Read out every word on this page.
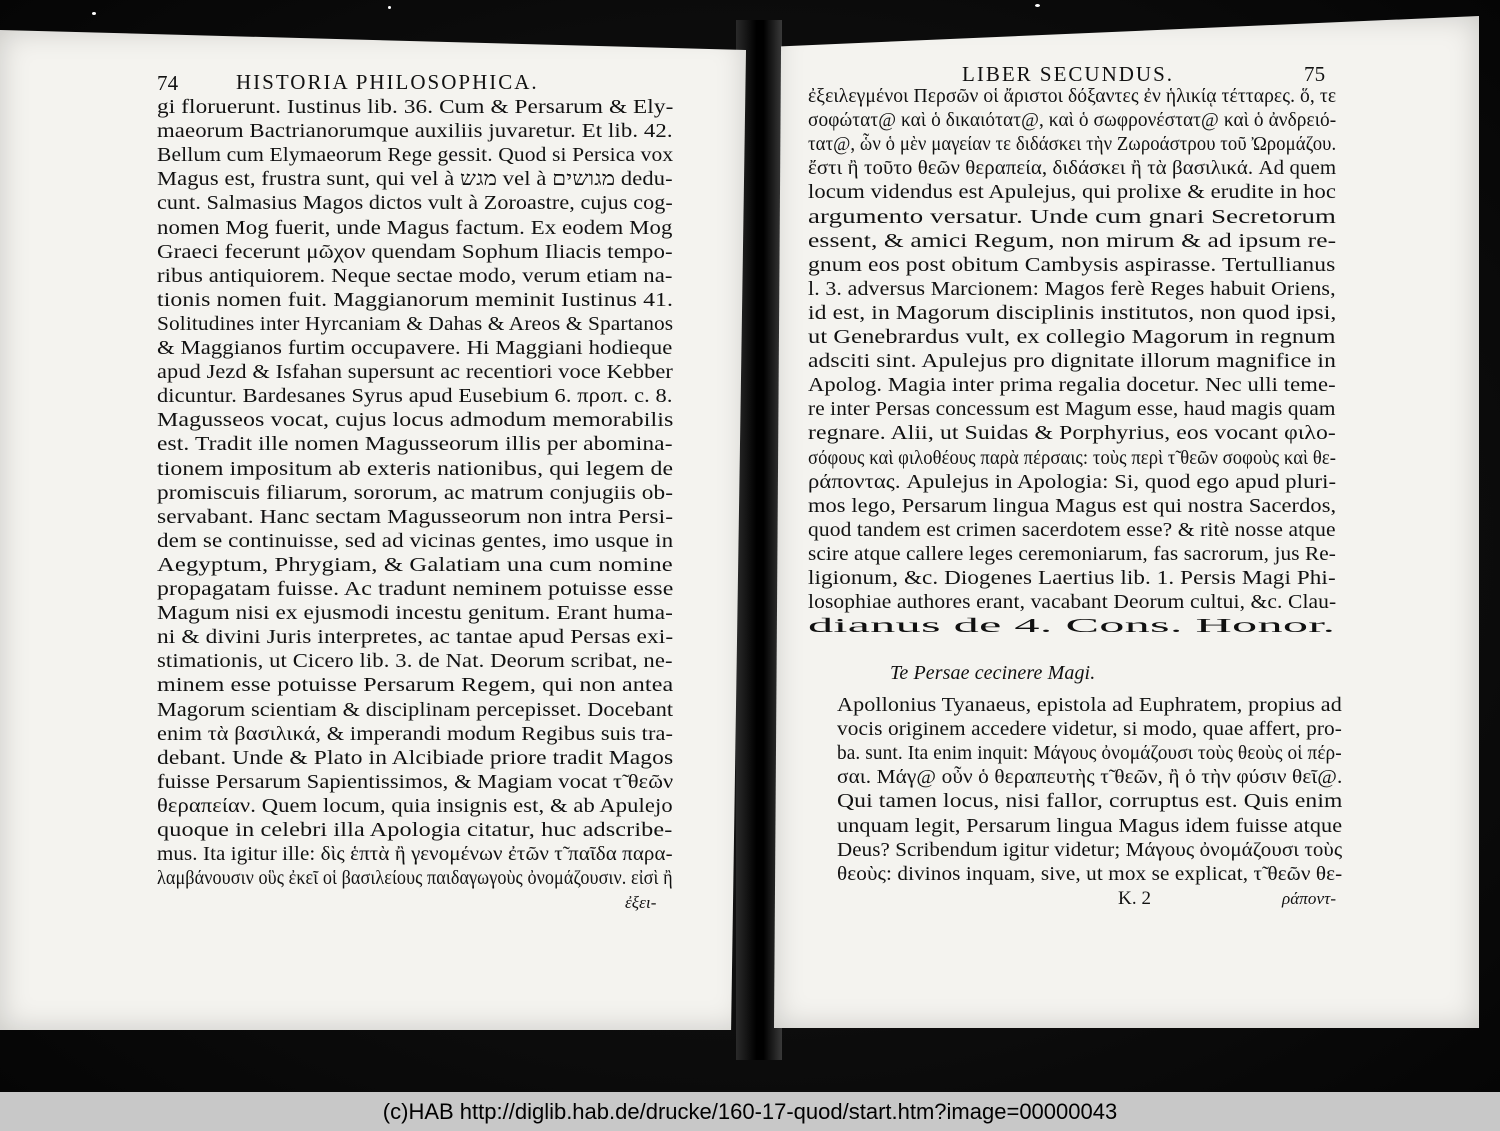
74	HISTORIA PHILOSOPHICA.
gi floruerunt. Iustinus lib. 36. Cum & Persarum & Ely-
maeorum Bactrianorumque auxiliis juvaretur. Et lib. 42.
Bellum cum Elymaeorum Rege gessit. Quod si Persica vox
Magus est, frustra sunt, qui vel à מגש vel à מגושים dedu-
cunt. Salmasius Magos dictos vult à Zoroastre, cujus cog-
nomen Mog fuerit, unde Magus factum. Ex eodem Mog
Graeci fecerunt μῶχον quendam Sophum Iliacis tempo-
ribus antiquiorem. Neque sectae modo, verum etiam na-
tionis nomen fuit. Maggianorum meminit Iustinus 41.
Solitudines inter Hyrcaniam & Dahas & Areos & Spartanos
& Maggianos furtim occupavere. Hi Maggiani hodieque
apud Jezd & Isfahan supersunt ac recentiori voce Kebber
dicuntur. Bardesanes Syrus apud Eusebium 6. προπ. c. 8.
Magusseos vocat, cujus locus admodum memorabilis
est. Tradit ille nomen Magusseorum illis per abomina-
tionem impositum ab exteris nationibus, qui legem de
promiscuis filiarum, sororum, ac matrum conjugiis ob-
servabant. Hanc sectam Magusseorum non intra Persi-
dem se continuisse, sed ad vicinas gentes, imo usque in
Aegyptum, Phrygiam, & Galatiam una cum nomine
propagatam fuisse. Ac tradunt neminem potuisse esse
Magum nisi ex ejusmodi incestu genitum. Erant huma-
ni & divini Juris interpretes, ac tantae apud Persas exi-
stimationis, ut Cicero lib. 3. de Nat. Deorum scribat, ne-
minem esse potuisse Persarum Regem, qui non antea
Magorum scientiam & disciplinam percepisset. Docebant
enim τὰ βασιλικά, & imperandi modum Regibus suis tra-
debant. Unde & Plato in Alcibiade priore tradit Magos
fuisse Persarum Sapientissimos, & Magiam vocat τ̃ θεῶν
θεραπείαν. Quem locum, quia insignis est, & ab Apulejo
quoque in celebri illa Apologia citatur, huc adscribe-
mus. Ita igitur ille: δὶς ἑπτὰ ἢ γενομένων ἐτῶν τ̃ παῖδα παρα-
λαμβάνουσιν οὓς ἐκεῖ οἱ βασιλείους παιδαγωγοὺς ὀνομάζουσιν. εἰσὶ ἢ
ἐξει-
LIBER SECUNDUS.	75
ἐξειλεγμένοι Περσῶν οἱ ἄριστοι δόξαντες ἐν ἡλικίᾳ τέτταρες. ὅ, τε
σοφώτατ@ καὶ ὁ δικαιότατ@, καὶ ὁ σωφρονέστατ@ καὶ ὁ ἀνδρειό-
τατ@, ὧν ὁ μὲν μαγείαν τε διδάσκει τὴν Ζωροάστρου τοῦ Ὠρομάζου.
ἔστι ἢ τοῦτο θεῶν θεραπεία, διδάσκει ἢ τὰ βασιλικά. Ad quem
locum videndus est Apulejus, qui prolixe & erudite in hoc
argumento versatur. Unde cum gnari Secretorum
essent, & amici Regum, non mirum & ad ipsum re-
gnum eos post obitum Cambysis aspirasse. Tertullianus
l. 3. adversus Marcionem: Magos ferè Reges habuit Oriens,
id est, in Magorum disciplinis institutos, non quod ipsi,
ut Genebrardus vult, ex collegio Magorum in regnum
adsciti sint. Apulejus pro dignitate illorum magnifice in
Apolog. Magia inter prima regalia docetur. Nec ulli teme-
re inter Persas concessum est Magum esse, haud magis quam
regnare. Alii, ut Suidas & Porphyrius, eos vocant φιλο-
σόφους καὶ φιλοθέους παρὰ πέρσαις: τοὺς περὶ τ̃ θεῶν σοφοὺς καὶ θε-
ράποντας. Apulejus in Apologia: Si, quod ego apud pluri-
mos lego, Persarum lingua Magus est qui nostra Sacerdos,
quod tandem est crimen sacerdotem esse? & ritè nosse atque
scire atque callere leges ceremoniarum, fas sacrorum, jus Re-
ligionum, &c. Diogenes Laertius lib. 1. Persis Magi Phi-
losophiae authores erant, vacabant Deorum cultui, &c. Clau-
dianus de 4. Cons. Honor.
Te Persae cecinere Magi.
Apollonius Tyanaeus, epistola ad Euphratem, propius ad
vocis originem accedere videtur, si modo, quae affert, pro-
ba. sunt. Ita enim inquit: Μάγους ὀνομάζουσι τοὺς θεοὺς οἱ πέρ-
σαι. Μάγ@ οὖν ὁ θεραπευτὴς τ̃ θεῶν, ἢ ὁ τὴν φύσιν θεῖ@.
Qui tamen locus, nisi fallor, corruptus est. Quis enim
unquam legit, Persarum lingua Magus idem fuisse atque
Deus? Scribendum igitur videtur; Μάγους ὀνομάζουσι τοὺς
θεοὺς: divinos inquam, sive, ut mox se explicat, τ̃ θεῶν θε-
K. 2	ράποντ-
(c)HAB http://diglib.hab.de/drucke/160-17-quod/start.htm?image=00000043
